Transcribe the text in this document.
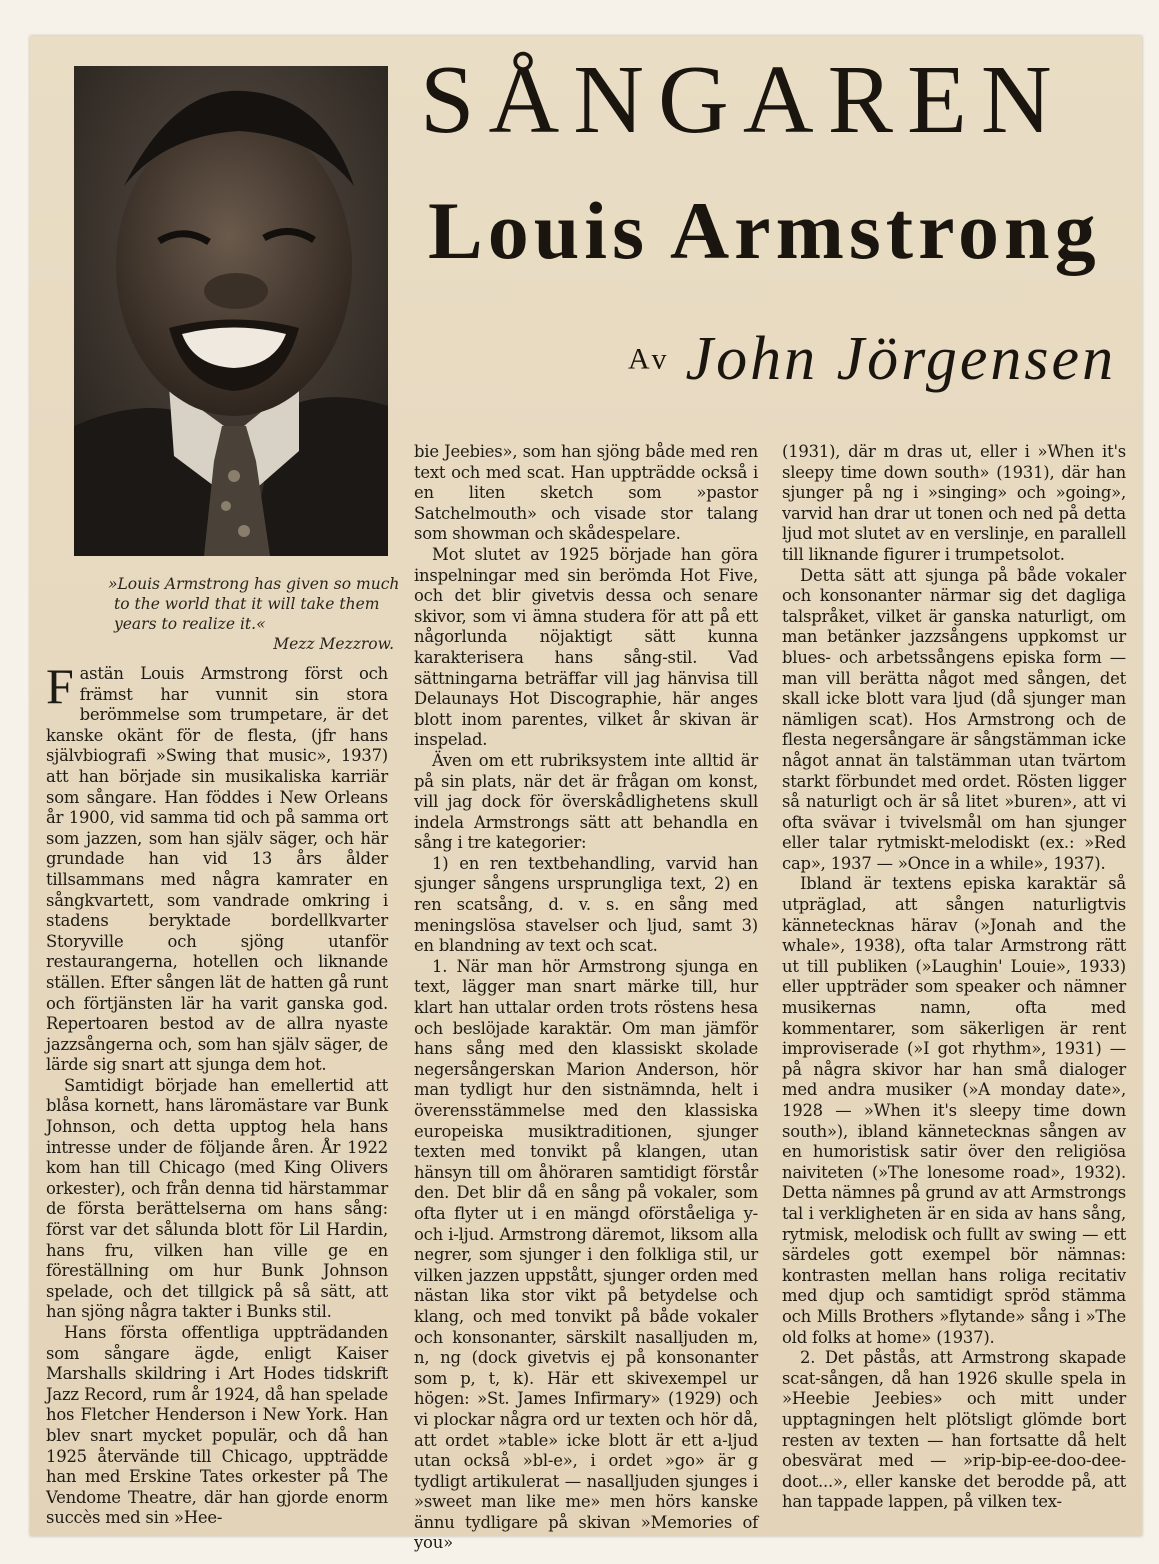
»Louis Armstrong has given so much to the world that it will take them years to realize it.«
Mezz Mezzrow.
SÅNGAREN
Louis Armstrong
Av John Jörgensen

Fastän Louis Armstrong först och främst har vunnit sin stora berömmelse som trumpetare, är det kanske okänt för de flesta, (jfr hans självbiografi »Swing that music», 1937) att han började sin musikaliska karriär som sångare. Han föddes i New Orleans år 1900, vid samma tid och på samma ort som jazzen, som han själv säger, och här grundade han vid 13 års ålder tillsammans med några kamrater en sångkvartett, som vandrade omkring i stadens beryktade bordellkvarter Storyville och sjöng utanför restaurangerna, hotellen och liknande ställen. Efter sången lät de hatten gå runt och förtjänsten lär ha varit ganska god. Repertoaren bestod av de allra nyaste jazzsångerna och, som han själv säger, de lärde sig snart att sjunga dem hot.

Samtidigt började han emellertid att blåsa kornett, hans läromästare var Bunk Johnson, och detta upptog hela hans intresse under de följande åren. År 1922 kom han till Chicago (med King Olivers orkester), och från denna tid härstammar de första berättelserna om hans sång: först var det sålunda blott för Lil Hardin, hans fru, vilken han ville ge en föreställning om hur Bunk Johnson spelade, och det tillgick på så sätt, att han sjöng några takter i Bunks stil.

Hans första offentliga uppträdanden som sångare ägde, enligt Kaiser Marshalls skildring i Art Hodes tidskrift Jazz Record, rum år 1924, då han spelade hos Fletcher Henderson i New York. Han blev snart mycket populär, och då han 1925 återvände till Chicago, uppträdde han med Erskine Tates orkester på The Vendome Theatre, där han gjorde enorm succès med sin »Hee-

bie Jeebies», som han sjöng både med ren text och med scat. Han uppträdde också i en liten sketch som »pastor Satchelmouth» och visade stor talang som showman och skådespelare.

Mot slutet av 1925 började han göra inspelningar med sin berömda Hot Five, och det blir givetvis dessa och senare skivor, som vi ämna studera för att på ett någorlunda nöjaktigt sätt kunna karakterisera hans sång-stil. Vad sättningarna beträffar vill jag hänvisa till Delaunays Hot Discographie, här anges blott inom parentes, vilket år skivan är inspelad.

Även om ett rubriksystem inte alltid är på sin plats, när det är frågan om konst, vill jag dock för överskådlighetens skull indela Armstrongs sätt att behandla en sång i tre kategorier:

1) en ren textbehandling, varvid han sjunger sångens ursprungliga text, 2) en ren scatsång, d. v. s. en sång med meningslösa stavelser och ljud, samt 3) en blandning av text och scat.

1. När man hör Armstrong sjunga en text, lägger man snart märke till, hur klart han uttalar orden trots röstens hesa och beslöjade karaktär. Om man jämför hans sång med den klassiskt skolade negersångerskan Marion Anderson, hör man tydligt hur den sistnämnda, helt i överensstämmelse med den klassiska europeiska musiktraditionen, sjunger texten med tonvikt på klangen, utan hänsyn till om åhöraren samtidigt förstår den. Det blir då en sång på vokaler, som ofta flyter ut i en mängd oförståeliga y- och i-ljud. Armstrong däremot, liksom alla negrer, som sjunger i den folkliga stil, ur vilken jazzen uppstått, sjunger orden med nästan lika stor vikt på betydelse och klang, och med tonvikt på både vokaler och konsonanter, särskilt nasalljuden m, n, ng (dock givetvis ej på konsonanter som p, t, k). Här ett skivexempel ur högen: »St. James Infirmary» (1929) och vi plockar några ord ur texten och hör då, att ordet »table» icke blott är ett a-ljud utan också »bl-e», i ordet »go» är g tydligt artikulerat — nasalljuden sjunges i »sweet man like me» men hörs kanske ännu tydligare på skivan »Memories of you»

(1931), där m dras ut, eller i »When it's sleepy time down south» (1931), där han sjunger på ng i »singing» och »going», varvid han drar ut tonen och ned på detta ljud mot slutet av en verslinje, en parallell till liknande figurer i trumpetsolot.

Detta sätt att sjunga på både vokaler och konsonanter närmar sig det dagliga talspråket, vilket är ganska naturligt, om man betänker jazzsångens uppkomst ur blues- och arbetssångens episka form — man vill berätta något med sången, det skall icke blott vara ljud (då sjunger man nämligen scat). Hos Armstrong och de flesta negersångare är sångstämman icke något annat än talstämman utan tvärtom starkt förbundet med ordet. Rösten ligger så naturligt och är så litet »buren», att vi ofta svävar i tvivelsmål om han sjunger eller talar rytmiskt-melodiskt (ex.: »Red cap», 1937 — »Once in a while», 1937).

Ibland är textens episka karaktär så utpräglad, att sången naturligtvis kännetecknas härav (»Jonah and the whale», 1938), ofta talar Armstrong rätt ut till publiken (»Laughin' Louie», 1933) eller uppträder som speaker och nämner musikernas namn, ofta med kommentarer, som säkerligen är rent improviserade (»I got rhythm», 1931) — på några skivor har han små dialoger med andra musiker (»A monday date», 1928 — »When it's sleepy time down south»), ibland kännetecknas sången av en humoristisk satir över den religiösa naiviteten (»The lonesome road», 1932). Detta nämnes på grund av att Armstrongs tal i verkligheten är en sida av hans sång, rytmisk, melodisk och fullt av swing — ett särdeles gott exempel bör nämnas: kontrasten mellan hans roliga recitativ med djup och samtidigt spröd stämma och Mills Brothers »flytande» sång i »The old folks at home» (1937).

2. Det påstås, att Armstrong skapade scat-sången, då han 1926 skulle spela in »Heebie Jeebies» och mitt under upptagningen helt plötsligt glömde bort resten av texten — han fortsatte då helt obesvärat med — »rip-bip-ee-doo-dee-doot...», eller kanske det berodde på, att han tappade lappen, på vilken tex-
